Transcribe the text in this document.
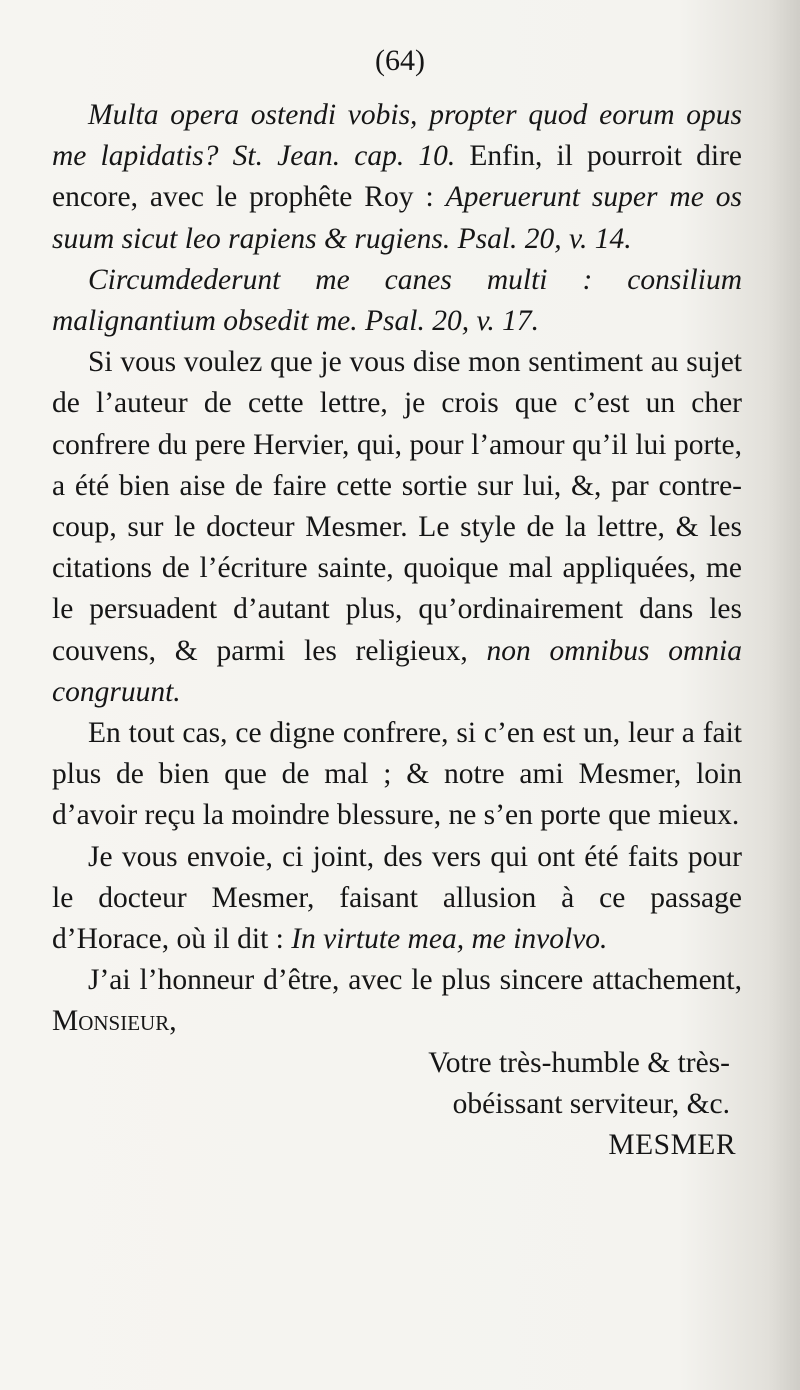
(64)

Multa opera ostendi vobis, propter quod eorum opus me lapidatis? St. Jean. cap. 10. Enfin, il pourroit dire encore, avec le prophête Roy : Aperuerunt super me os suum sicut leo rapiens & rugiens. Psal. 20, v. 14.

Circumdederunt me canes multi : consilium malignantium obsedit me. Psal. 20, v. 17.

Si vous voulez que je vous dise mon sentiment au sujet de l’auteur de cette lettre, je crois que c’est un cher confrere du pere Hervier, qui, pour l’amour qu’il lui porte, a été bien aise de faire cette sortie sur lui, &, par contre-coup, sur le docteur Mesmer. Le style de la lettre, & les citations de l’écriture sainte, quoique mal appliquées, me le persuadent d’autant plus, qu’ordinairement dans les couvens, & parmi les religieux, non omnibus omnia congruunt.

En tout cas, ce digne confrere, si c’en est un, leur a fait plus de bien que de mal ; & notre ami Mesmer, loin d’avoir reçu la moindre blessure, ne s’en porte que mieux.

Je vous envoie, ci joint, des vers qui ont été faits pour le docteur Mesmer, faisant allusion à ce passage d’Horace, où il dit : In virtute mea, me involvo.

J’ai l’honneur d’être, avec le plus sincere attachement, Monsieur,

Votre très-humble & très-

obéissant serviteur, &c.

MESMER
